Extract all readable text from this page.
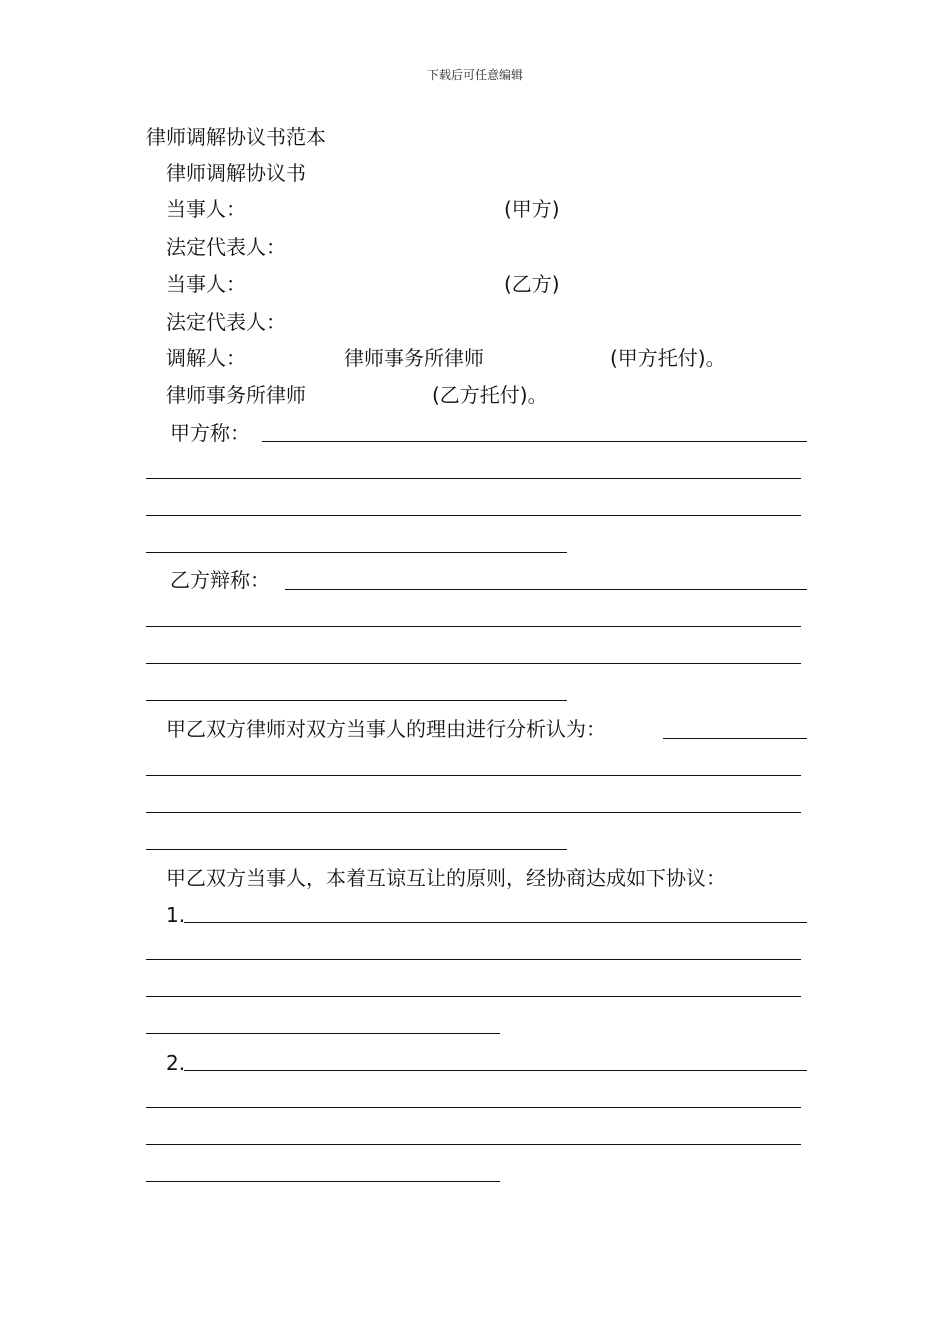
下载后可任意编辑
律师调解协议书范本
律师调解协议书
当事人：	(甲方)
法定代表人：
当事人：	(乙方)
法定代表人：
调解人：	律师事务所律师	(甲方托付)。
律师事务所律师	(乙方托付)。
甲方称：
乙方辩称：
甲乙双方律师对双方当事人的理由进行分析认为：
甲乙双方当事人，本着互谅互让的原则，经协商达成如下协议：
1.
2.
